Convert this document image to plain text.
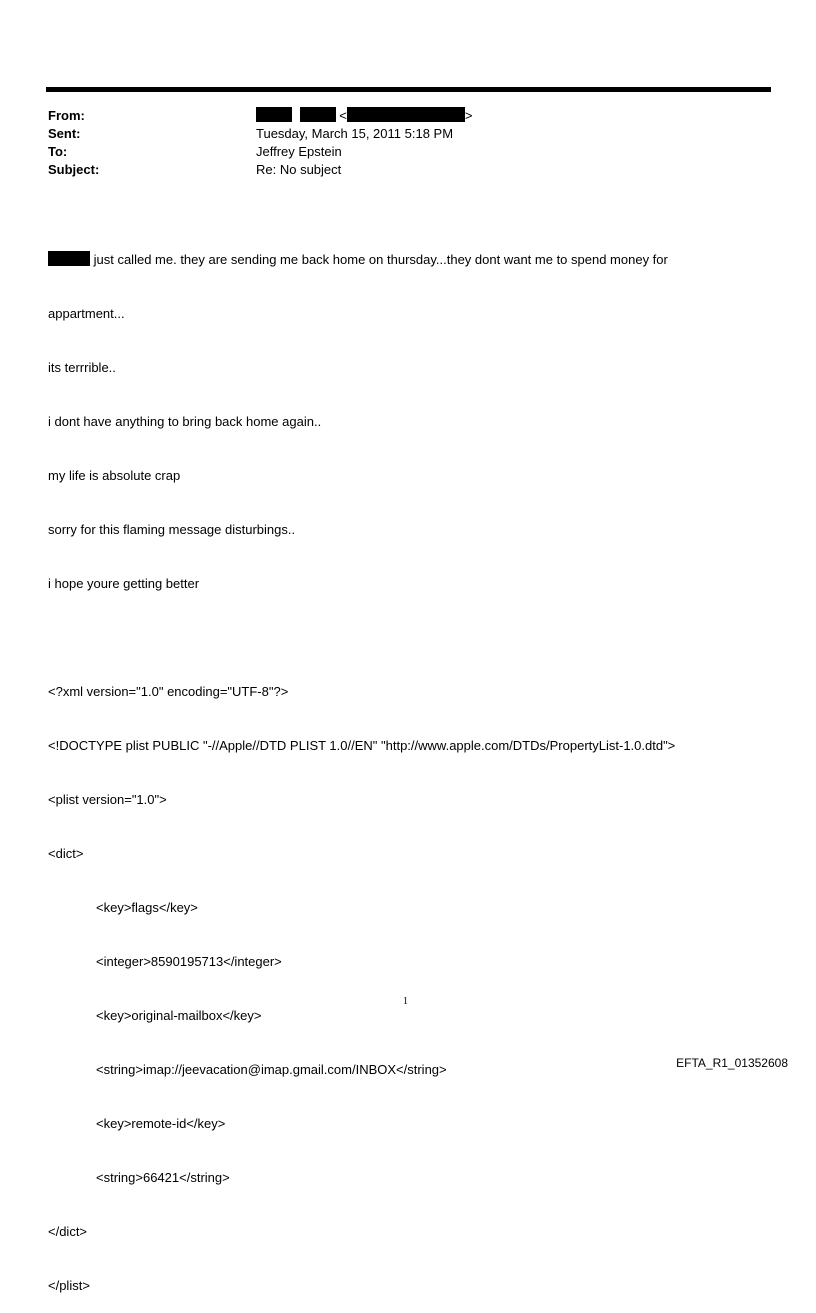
From:
Sent:
To:
Subject:
<	>
Tuesday, March 15, 2011 5:18 PM
Jeffrey Epstein
Re: No subject

just called me. they are sending me back home on thursday...they dont want me to spend money for

appartment...

its terrrible..

i dont have anything to bring back home again..

my life is absolute crap

sorry for this flaming message disturbings..

i hope youre getting better

<?xml version="1.0" encoding="UTF-8"?>

<!DOCTYPE plist PUBLIC "-//Apple//DTD PLIST 1.0//EN" "http://www.apple.com/DTDs/PropertyList-1.0.dtd">

<plist version="1.0">

<dict>

<key>flags</key>

<integer>8590195713</integer>

<key>original-mailbox</key>

<string>imap://jeevacation@imap.gmail.com/INBOX</string>

<key>remote-id</key>

<string>66421</string>

</dict>

</plist>

1
EFTA_R1_01352608
